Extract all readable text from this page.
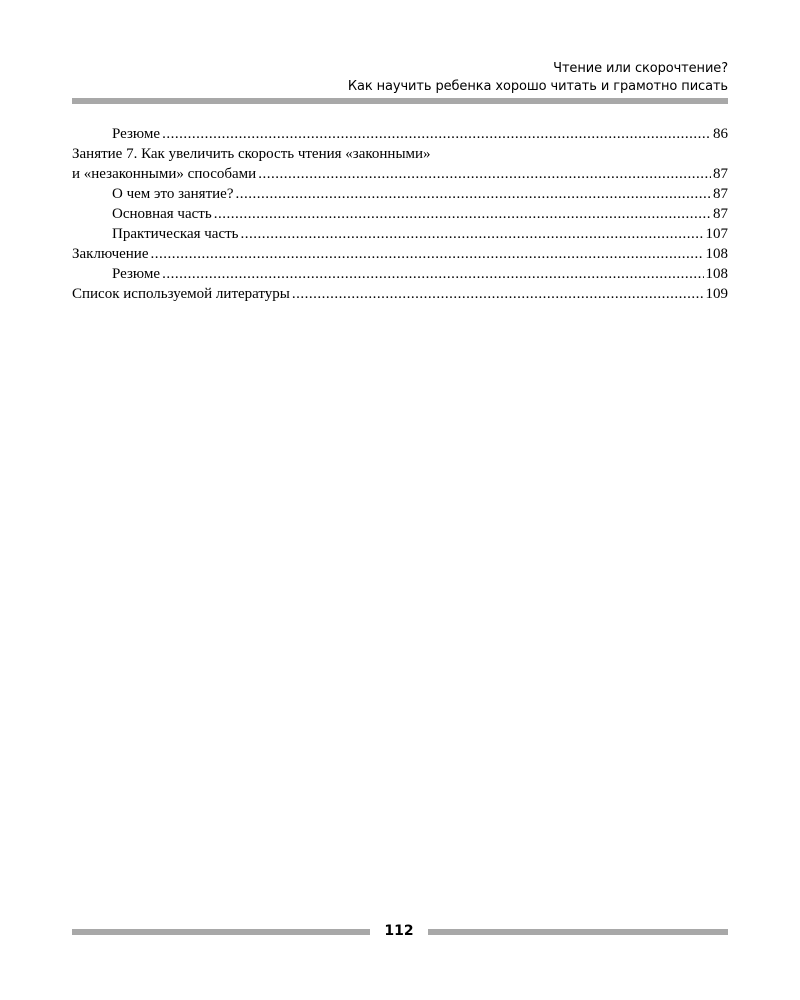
Чтение или скорочтение?
Как научить ребенка хорошо читать и грамотно писать
Резюме .....	86
Занятие 7. Как увеличить скорость чтения «законными»
и «незаконными» способами .....	87
О чем это занятие? .....	87
Основная часть .....	87
Практическая часть .....	107
Заключение .....	108
Резюме .....	108
Список используемой литературы .....	109
112
